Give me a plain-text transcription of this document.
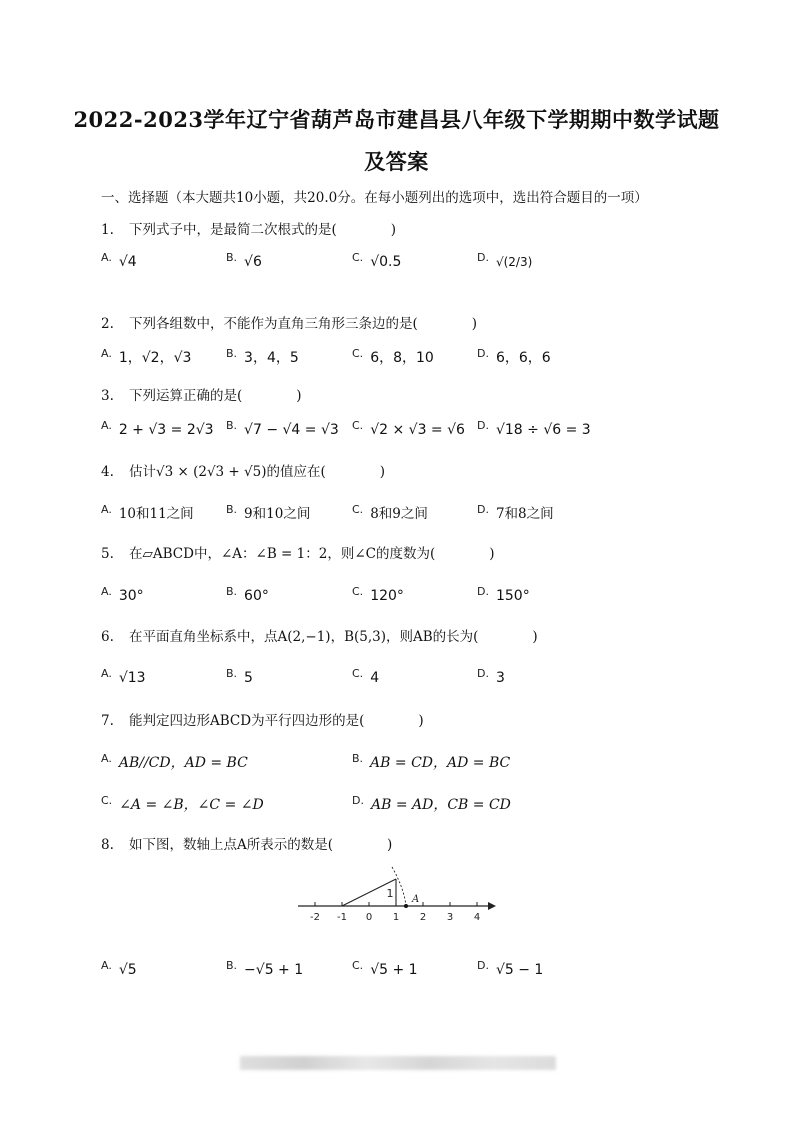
2022-2023学年辽宁省葫芦岛市建昌县八年级下学期期中数学试题
及答案
一、选择题（本大题共10小题，共20.0分。在每小题列出的选项中，选出符合题目的一项）
1. 下列式子中，是最简二次根式的是(　　　　)
$^{A.}$ √4	$^{B.}$ √6	$^{C.}$ √0.5	$^{D.}$ √(2/3)
2. 下列各组数中，不能作为直角三角形三条边的是(　　　　)
$^{A.}$ 1，√2，√3	$^{B.}$ 3，4，5	$^{C.}$ 6，8，10	$^{D.}$ 6，6，6
3. 下列运算正确的是(　　　　)
$^{A.}$ 2 + √3 = 2√3 $^{B.}$ √7 − √4 = √3 $^{C.}$ √2 × √3 = √6 $^{D.}$ √18 ÷ √6 = 3
4. 估计√3 × (2√3 + √5)的值应在(　　　　)
$^{A.}$ 10和11之间	$^{B.}$ 9和10之间	$^{C.}$ 8和9之间	$^{D.}$ 7和8之间
5. 在▱ABCD中，∠A：∠B = 1：2，则∠C的度数为(　　　　)
$^{A.}$ 30°	$^{B.}$ 60°	$^{C.}$ 120°	$^{D.}$ 150°
6. 在平面直角坐标系中，点A(2,−1)，B(5,3)，则AB的长为(　　　　)
$^{A.}$ √13	$^{B.}$ 5	$^{C.}$ 4	$^{D.}$ 3
7. 能判定四边形ABCD为平行四边形的是(　　　　)
$^{A.}$ AB//CD，AD = BC	$^{B.}$ AB = CD，AD = BC
$^{C.}$ ∠A = ∠B，∠C = ∠D	$^{D.}$ AB = AD，CB = CD
8. 如下图，数轴上点A所表示的数是(　　　　)
-2 -1 0 1 2 3 4
1 A
$^{A.}$ √5	$^{B.}$ −√5 + 1	$^{C.}$ √5 + 1	$^{D.}$ √5 − 1
